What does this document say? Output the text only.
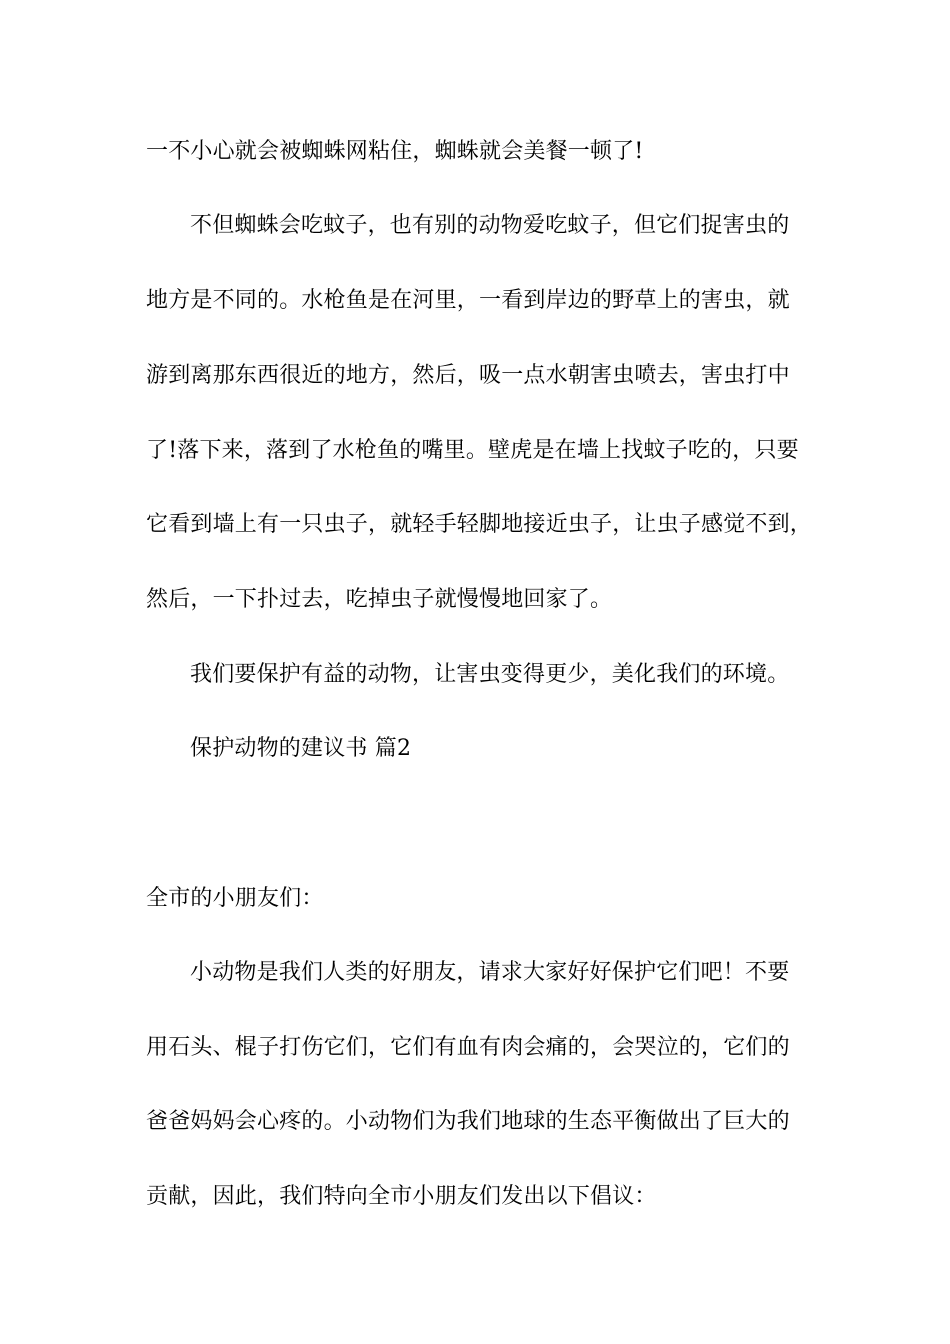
一不小心就会被蜘蛛网粘住，蜘蛛就会美餐一顿了!
不但蜘蛛会吃蚊子，也有别的动物爱吃蚊子，但它们捉害虫的
地方是不同的。水枪鱼是在河里，一看到岸边的野草上的害虫，就
游到离那东西很近的地方，然后，吸一点水朝害虫喷去，害虫打中
了!落下来，落到了水枪鱼的嘴里。壁虎是在墙上找蚊子吃的，只要
它看到墙上有一只虫子，就轻手轻脚地接近虫子，让虫子感觉不到，
然后，一下扑过去，吃掉虫子就慢慢地回家了。
我们要保护有益的动物，让害虫变得更少，美化我们的环境。
保护动物的建议书 篇2
全市的小朋友们：
小动物是我们人类的好朋友，请求大家好好保护它们吧！不要
用石头、棍子打伤它们，它们有血有肉会痛的，会哭泣的，它们的
爸爸妈妈会心疼的。小动物们为我们地球的生态平衡做出了巨大的
贡献，因此，我们特向全市小朋友们发出以下倡议：
